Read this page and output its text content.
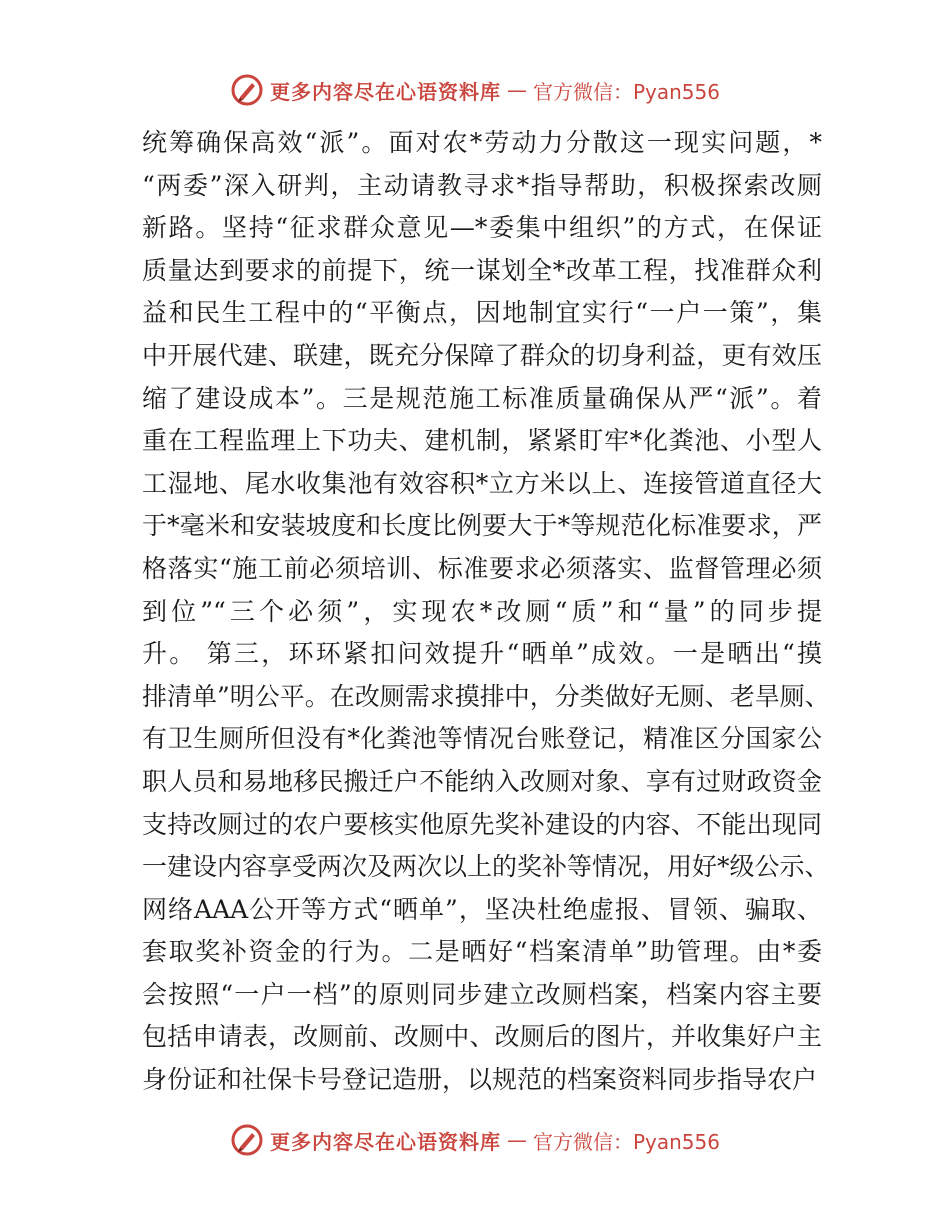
更多内容尽在心语资料库 — 官方微信：Pyan556
统筹确保高效“派”。面对农*劳动力分散这一现实问题，*
“两委”深入研判，主动请教寻求*指导帮助，积极探索改厕
新路。坚持“征求群众意见—*委集中组织”的方式，在保证
质量达到要求的前提下，统一谋划全*改革工程，找准群众利
益和民生工程中的“平衡点，因地制宜实行“一户一策”，集
中开展代建、联建，既充分保障了群众的切身利益，更有效压
缩了建设成本”。三是规范施工标准质量确保从严“派”。着
重在工程监理上下功夫、建机制，紧紧盯牢*化粪池、小型人
工湿地、尾水收集池有效容积*立方米以上、连接管道直径大
于*毫米和安装坡度和长度比例要大于*等规范化标准要求，严
格落实“施工前必须培训、标准要求必须落实、监督管理必须
到位”“三个必须”，实现农*改厕“质”和“量”的同步提
升。 第三，环环紧扣问效提升“晒单”成效。一是晒出“摸
排清单”明公平。在改厕需求摸排中，分类做好无厕、老旱厕、
有卫生厕所但没有*化粪池等情况台账登记，精准区分国家公
职人员和易地移民搬迁户不能纳入改厕对象、享有过财政资金
支持改厕过的农户要核实他原先奖补建设的内容、不能出现同
一建设内容享受两次及两次以上的奖补等情况，用好*级公示、
网络AAA公开等方式“晒单”，坚决杜绝虚报、冒领、骗取、
套取奖补资金的行为。二是晒好“档案清单”助管理。由*委
会按照“一户一档”的原则同步建立改厕档案，档案内容主要
包括申请表，改厕前、改厕中、改厕后的图片，并收集好户主
身份证和社保卡号登记造册，以规范的档案资料同步指导农户
更多内容尽在心语资料库 — 官方微信：Pyan556
